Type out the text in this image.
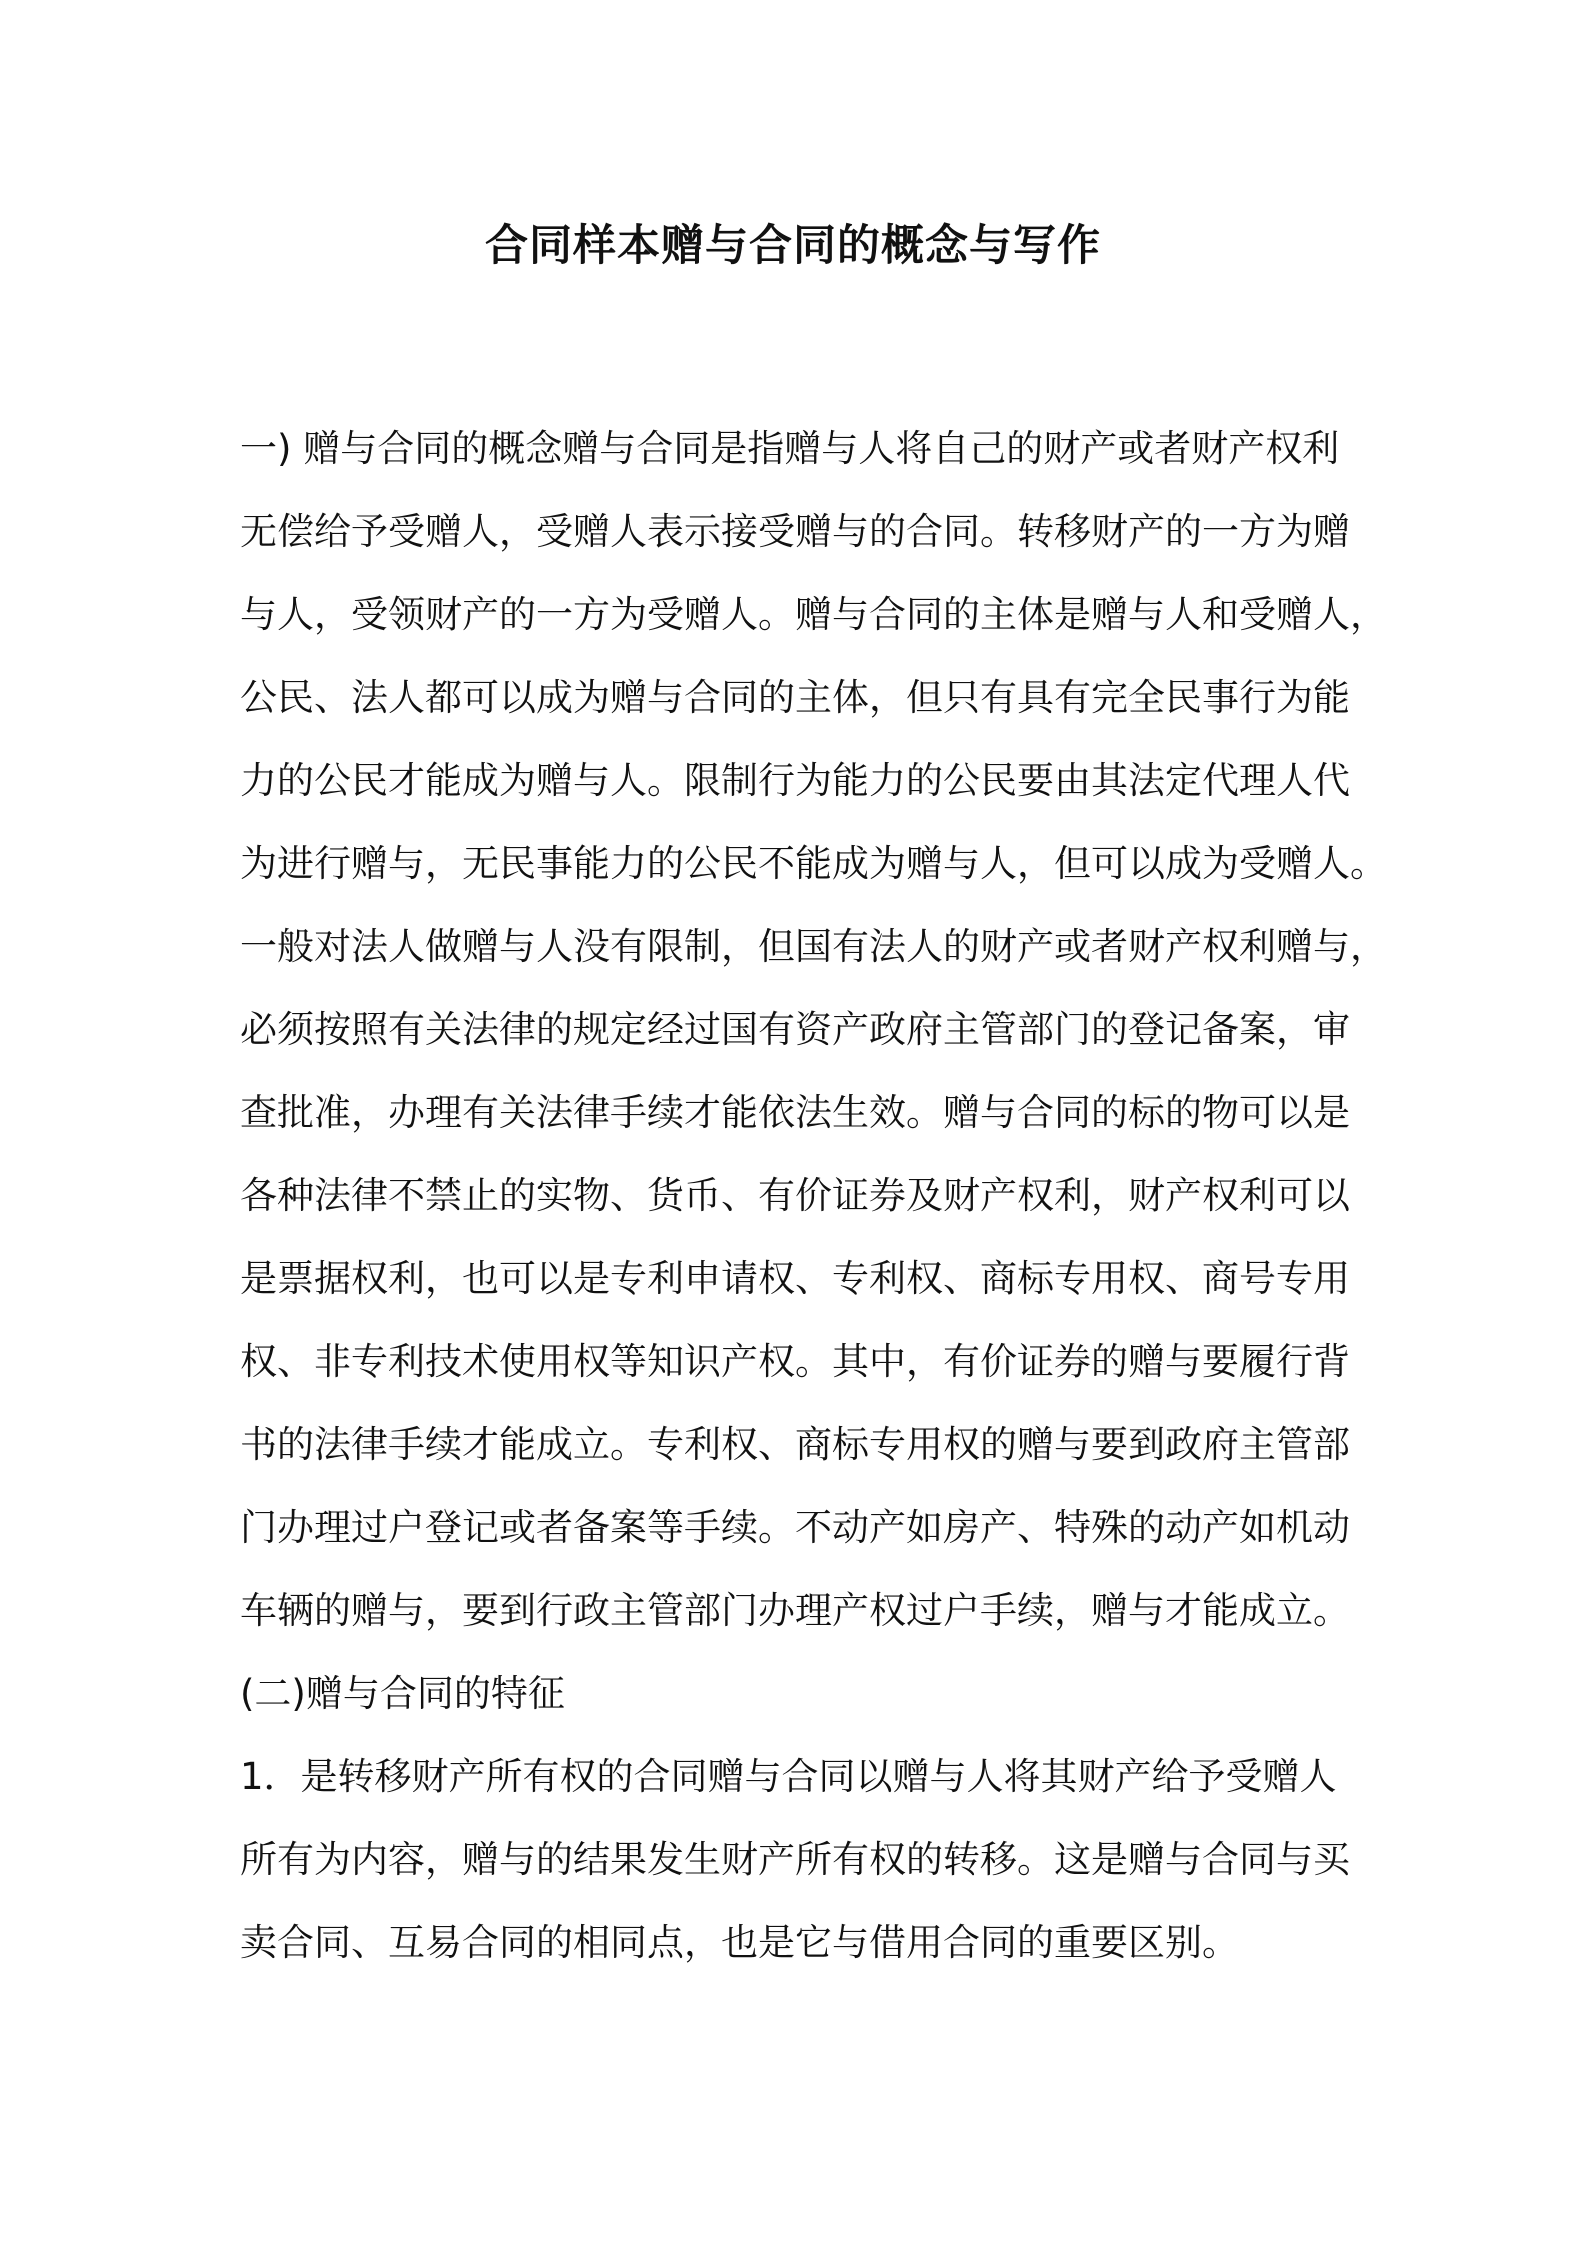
合同样本赠与合同的概念与写作

一) 赠与合同的概念赠与合同是指赠与人将自己的财产或者财产权利

无偿给予受赠人，受赠人表示接受赠与的合同。转移财产的一方为赠

与人，受领财产的一方为受赠人。赠与合同的主体是赠与人和受赠人，

公民、法人都可以成为赠与合同的主体，但只有具有完全民事行为能

力的公民才能成为赠与人。限制行为能力的公民要由其法定代理人代

为进行赠与，无民事能力的公民不能成为赠与人，但可以成为受赠人。

一般对法人做赠与人没有限制，但国有法人的财产或者财产权利赠与，

必须按照有关法律的规定经过国有资产政府主管部门的登记备案，审

查批准，办理有关法律手续才能依法生效。赠与合同的标的物可以是

各种法律不禁止的实物、货币、有价证券及财产权利，财产权利可以

是票据权利，也可以是专利申请权、专利权、商标专用权、商号专用

权、非专利技术使用权等知识产权。其中，有价证券的赠与要履行背

书的法律手续才能成立。专利权、商标专用权的赠与要到政府主管部

门办理过户登记或者备案等手续。不动产如房产、特殊的动产如机动

车辆的赠与，要到行政主管部门办理产权过户手续，赠与才能成立。

(二)赠与合同的特征

1．是转移财产所有权的合同赠与合同以赠与人将其财产给予受赠人

所有为内容，赠与的结果发生财产所有权的转移。这是赠与合同与买

卖合同、互易合同的相同点，也是它与借用合同的重要区别。
